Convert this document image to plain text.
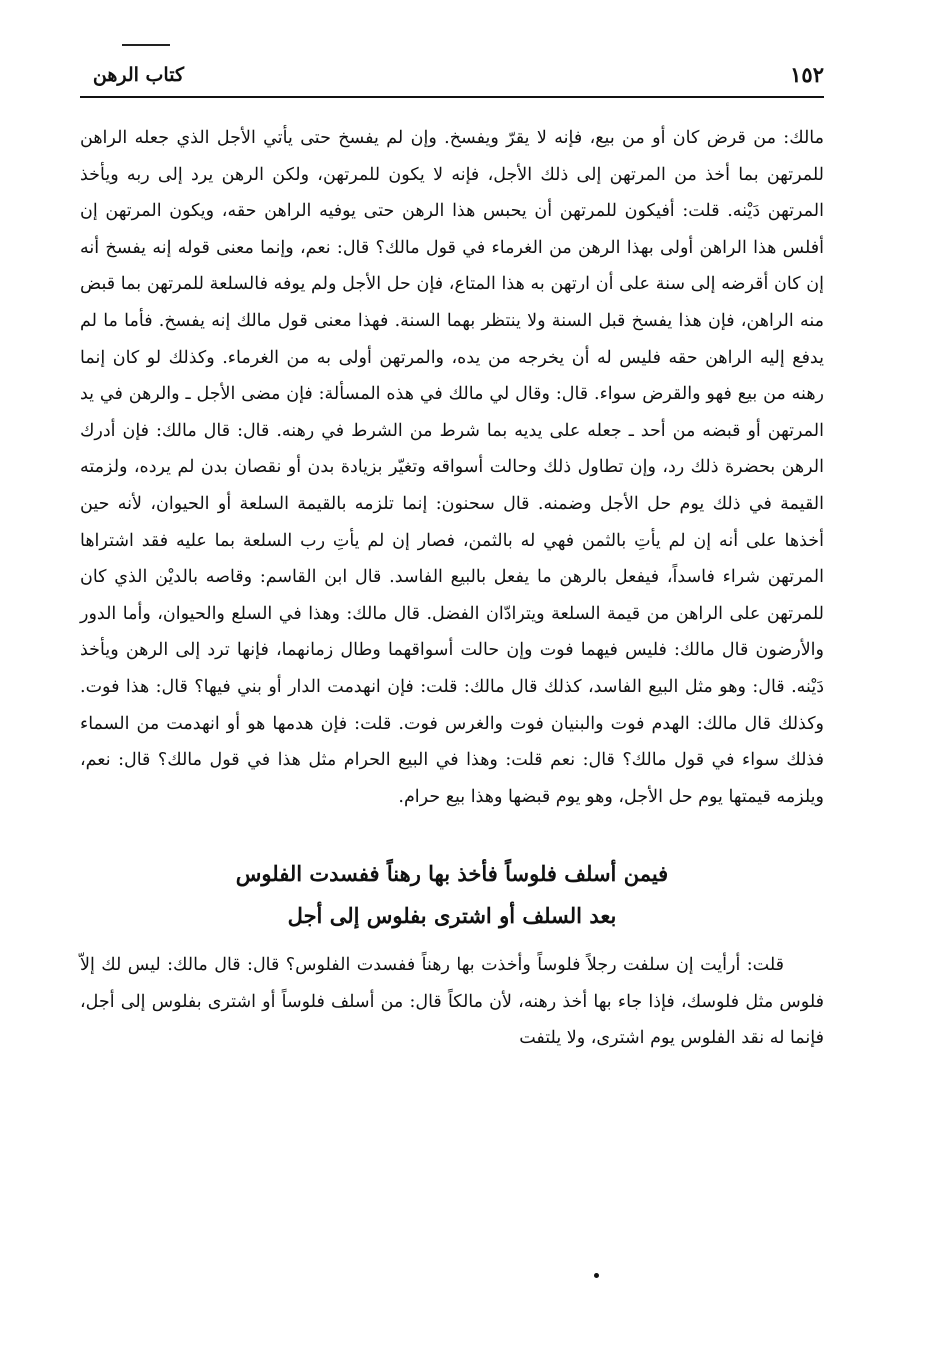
١٥٢
كتاب الرهن

مالك: من قرض كان أو من بيع، فإنه لا يقرّ ويفسخ. وإن لم يفسخ حتى يأتي الأجل الذي جعله الراهن للمرتهن بما أخذ من المرتهن إلى ذلك الأجل، فإنه لا يكون للمرتهن، ولكن الرهن يرد إلى ربه ويأخذ المرتهن دَيْنه. قلت: أفيكون للمرتهن أن يحبس هذا الرهن حتى يوفيه الراهن حقه، ويكون المرتهن إن أفلس هذا الراهن أولى بهذا الرهن من الغرماء في قول مالك؟ قال: نعم، وإنما معنى قوله إنه يفسخ أنه إن كان أقرضه إلى سنة على أن ارتهن به هذا المتاع، فإن حل الأجل ولم يوفه فالسلعة للمرتهن بما قبض منه الراهن، فإن هذا يفسخ قبل السنة ولا ينتظر بهما السنة. فهذا معنى قول مالك إنه يفسخ. فأما ما لم يدفع إليه الراهن حقه فليس له أن يخرجه من يده، والمرتهن أولى به من الغرماء. وكذلك لو كان إنما رهنه من بيع فهو والقرض سواء. قال: وقال لي مالك في هذه المسألة: فإن مضى الأجل ـ والرهن في يد المرتهن أو قبضه من أحد ـ جعله على يديه بما شرط من الشرط في رهنه. قال: قال مالك: فإن أدرك الرهن بحضرة ذلك رد، وإن تطاول ذلك وحالت أسواقه وتغيّر بزيادة بدن أو نقصان بدن لم يرده، ولزمته القيمة في ذلك يوم حل الأجل وضمنه. قال سحنون: إنما تلزمه بالقيمة السلعة أو الحيوان، لأنه حين أخذها على أنه إن لم يأتِ بالثمن فهي له بالثمن، فصار إن لم يأتِ رب السلعة بما عليه فقد اشتراها المرتهن شراء فاسداً، فيفعل بالرهن ما يفعل بالبيع الفاسد. قال ابن القاسم: وقاصه بالديْن الذي كان للمرتهن على الراهن من قيمة السلعة ويترادّان الفضل. قال مالك: وهذا في السلع والحيوان، وأما الدور والأرضون قال مالك: فليس فيهما فوت وإن حالت أسواقهما وطال زمانهما، فإنها ترد إلى الرهن ويأخذ دَيْنه. قال: وهو مثل البيع الفاسد، كذلك قال مالك: قلت: فإن انهدمت الدار أو بني فيها؟ قال: هذا فوت. وكذلك قال مالك: الهدم فوت والبنيان فوت والغرس فوت. قلت: فإن هدمها هو أو انهدمت من السماء فذلك سواء في قول مالك؟ قال: نعم قلت: وهذا في البيع الحرام مثل هذا في قول مالك؟ قال: نعم، ويلزمه قيمتها يوم حل الأجل، وهو يوم قبضها وهذا بيع حرام.

فيمن أسلف فلوساً فأخذ بها رهناً ففسدت الفلوس
بعد السلف أو اشترى بفلوس إلى أجل

قلت: أرأيت إن سلفت رجلاً فلوساً وأخذت بها رهناً ففسدت الفلوس؟ قال: قال مالك: ليس لك إلاّ فلوس مثل فلوسك، فإذا جاء بها أخذ رهنه، لأن مالكاً قال: من أسلف فلوساً أو اشترى بفلوس إلى أجل، فإنما له نقد الفلوس يوم اشترى، ولا يلتفت
